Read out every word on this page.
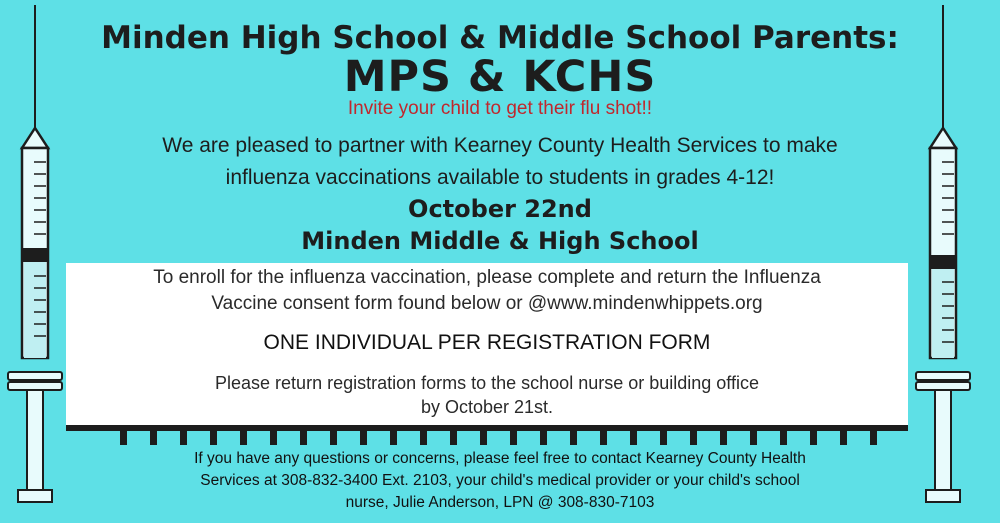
Minden High School & Middle School Parents:
MPS & KCHS
Invite your child to get their flu shot!!
We are pleased to partner with Kearney County Health Services to make
influenza vaccinations available to students in grades 4-12!
October 22nd
Minden Middle & High School
To enroll for the influenza vaccination, please complete and return the Influenza
Vaccine consent form found below or @www.mindenwhippets.org
ONE INDIVIDUAL PER REGISTRATION FORM
Please return registration forms to the school nurse or building office
by October 21st.
If you have any questions or concerns, please feel free to contact Kearney County Health
Services at 308-832-3400 Ext. 2103, your child's medical provider or your child's school
nurse, Julie Anderson, LPN @ 308-830-7103
